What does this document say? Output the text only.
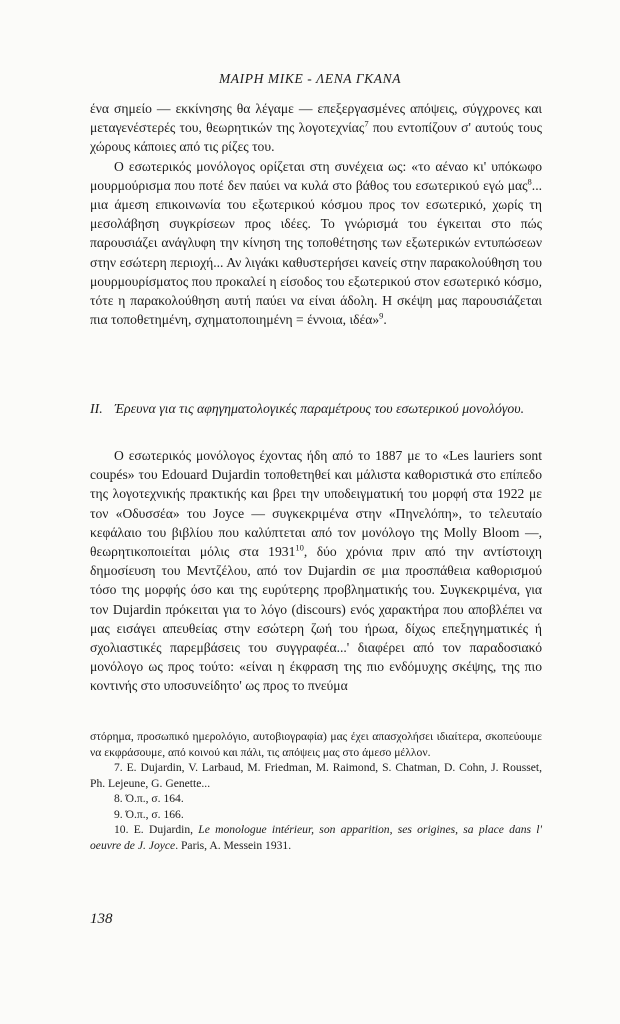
ΜΑΙΡΗ ΜΙΚΕ - ΛΕΝΑ ΓΚΑΝΑ

ένα σημείο — εκκίνησης θα λέγαμε — επεξεργασμένες απόψεις, σύγχρονες και μεταγενέστερές του, θεωρητικών της λογοτεχνίας$^7$ που εντοπίζουν σ' αυτούς τους χώρους κάποιες από τις ρίζες του.

Ο εσωτερικός μονόλογος ορίζεται στη συνέχεια ως: «το αέναο κι' υπόκωφο μουρμούρισμα που ποτέ δεν παύει να κυλά στο βάθος του εσωτερικού εγώ μας$^8$... μια άμεση επικοινωνία του εξωτερικού κόσμου προς τον εσωτερικό, χωρίς τη μεσολάβηση συγκρίσεων προς ιδέες. Το γνώρισμά του έγκειται στο πώς παρουσιάζει ανάγλυφη την κίνηση της τοποθέτησης των εξωτερικών εντυπώσεων στην εσώτερη περιοχή... Αν λιγάκι καθυστερήσει κανείς στην παρακολούθηση του μουρμουρίσματος που προκαλεί η είσοδος του εξωτερικού στον εσωτερικό κόσμο, τότε η παρακολούθηση αυτή παύει να είναι άδολη. Η σκέψη μας παρουσιάζεται πια τοποθετημένη, σχηματοποιημένη = έννοια, ιδέα»$^9$.

ΙΙ. Έρευνα για τις αφηγηματολογικές παραμέτρους του εσωτερικού μονολόγου.

Ο εσωτερικός μονόλογος έχοντας ήδη από το 1887 με το «Les lauriers sont coupés» του Edouard Dujardin τοποθετηθεί και μάλιστα καθοριστικά στο επίπεδο της λογοτεχνικής πρακτικής και βρει την υποδειγματική του μορφή στα 1922 με τον «Οδυσσέα» του Joyce — συγκεκριμένα στην «Πηνελόπη», το τελευταίο κεφάλαιο του βιβλίου που καλύπτεται από τον μονόλογο της Molly Bloom —, θεωρητικοποιείται μόλις στα 1931$^{10}$, δύο χρόνια πριν από την αντίστοιχη δημοσίευση του Μεντζέλου, από τον Dujardin σε μια προσπάθεια καθορισμού τόσο της μορφής όσο και της ευρύτερης προβληματικής του. Συγκεκριμένα, για τον Dujardin πρόκειται για το λόγο (discours) ενός χαρακτήρα που αποβλέπει να μας εισάγει απευθείας στην εσώτερη ζωή του ήρωα, δίχως επεξηγηματικές ή σχολιαστικές παρεμβάσεις του συγγραφέα...' διαφέρει από τον παραδοσιακό μονόλογο ως προς τούτο: «είναι η έκφραση της πιο ενδόμυχης σκέψης, της πιο κοντινής στο υποσυνείδητο' ως προς το πνεύμα

στόρημα, προσωπικό ημερολόγιο, αυτοβιογραφία) μας έχει απασχολήσει ιδιαίτερα, σκοπεύουμε να εκφράσουμε, από κοινού και πάλι, τις απόψεις μας στο άμεσο μέλλον.

7. E. Dujardin, V. Larbaud, M. Friedman, M. Raimond, S. Chatman, D. Cohn, J. Rousset, Ph. Lejeune, G. Genette...

8. Ό.π., σ. 164.

9. Ό.π., σ. 166.

10. E. Dujardin, Le monologue intérieur, son apparition, ses origines, sa place dans l' oeuvre de J. Joyce. Paris, A. Messein 1931.

138
